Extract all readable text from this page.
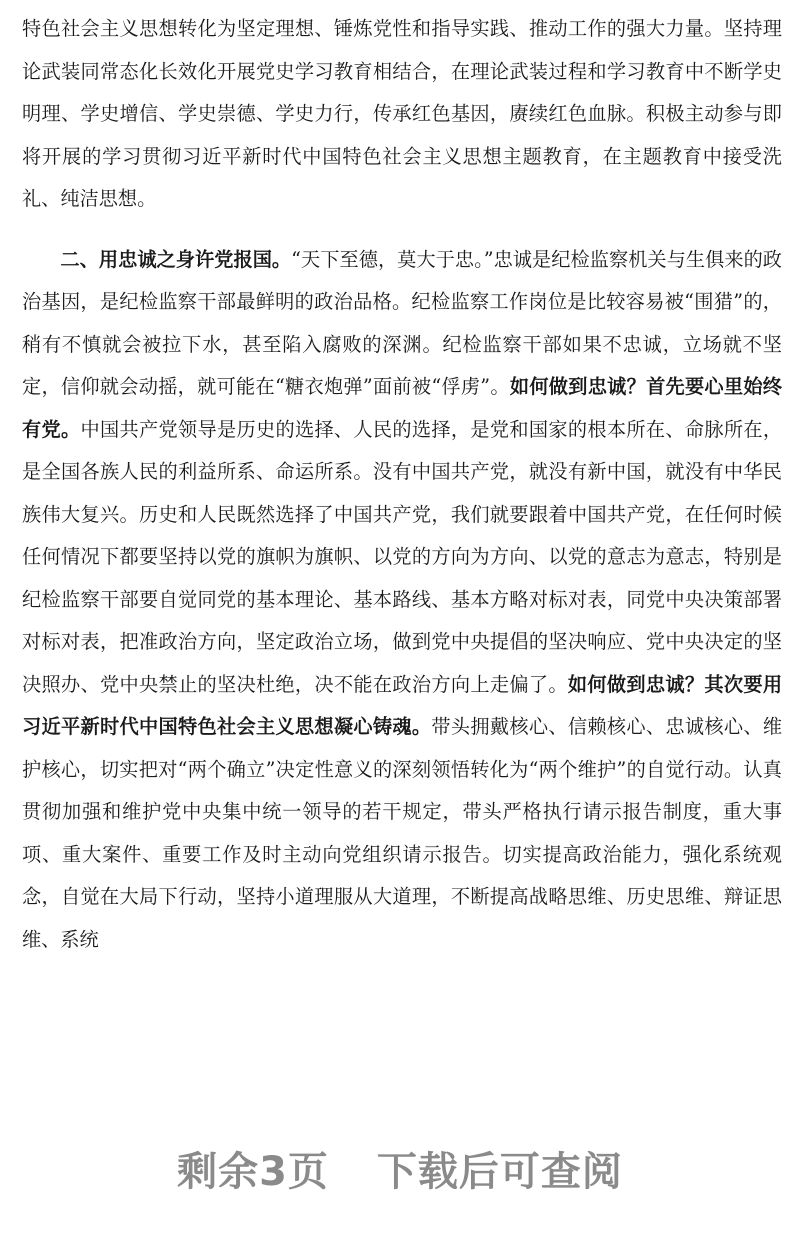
特色社会主义思想转化为坚定理想、锤炼党性和指导实践、推动工作的强大力量。坚持理论武装同常态化长效化开展党史学习教育相结合，在理论武装过程和学习教育中不断学史明理、学史增信、学史崇德、学史力行，传承红色基因，赓续红色血脉。积极主动参与即将开展的学习贯彻习近平新时代中国特色社会主义思想主题教育，在主题教育中接受洗礼、纯洁思想。

二、用忠诚之身许党报国。“天下至德，莫大于忠。”忠诚是纪检监察机关与生俱来的政治基因，是纪检监察干部最鲜明的政治品格。纪检监察工作岗位是比较容易被“围猎”的，稍有不慎就会被拉下水，甚至陷入腐败的深渊。纪检监察干部如果不忠诚，立场就不坚定，信仰就会动摇，就可能在“糖衣炮弹”面前被“俘虏”。如何做到忠诚？首先要心里始终有党。中国共产党领导是历史的选择、人民的选择，是党和国家的根本所在、命脉所在，是全国各族人民的利益所系、命运所系。没有中国共产党，就没有新中国，就没有中华民族伟大复兴。历史和人民既然选择了中国共产党，我们就要跟着中国共产党，在任何时候任何情况下都要坚持以党的旗帜为旗帜、以党的方向为方向、以党的意志为意志，特别是纪检监察干部要自觉同党的基本理论、基本路线、基本方略对标对表，同党中央决策部署对标对表，把准政治方向，坚定政治立场，做到党中央提倡的坚决响应、党中央决定的坚决照办、党中央禁止的坚决杜绝，决不能在政治方向上走偏了。如何做到忠诚？其次要用习近平新时代中国特色社会主义思想凝心铸魂。带头拥戴核心、信赖核心、忠诚核心、维护核心，切实把对“两个确立”决定性意义的深刻领悟转化为“两个维护”的自觉行动。认真贯彻加强和维护党中央集中统一领导的若干规定，带头严格执行请示报告制度，重大事项、重大案件、重要工作及时主动向党组织请示报告。切实提高政治能力，强化系统观念，自觉在大局下行动，坚持小道理服从大道理，不断提高战略思维、历史思维、辩证思维、系统

剩余3页 下载后可查阅
